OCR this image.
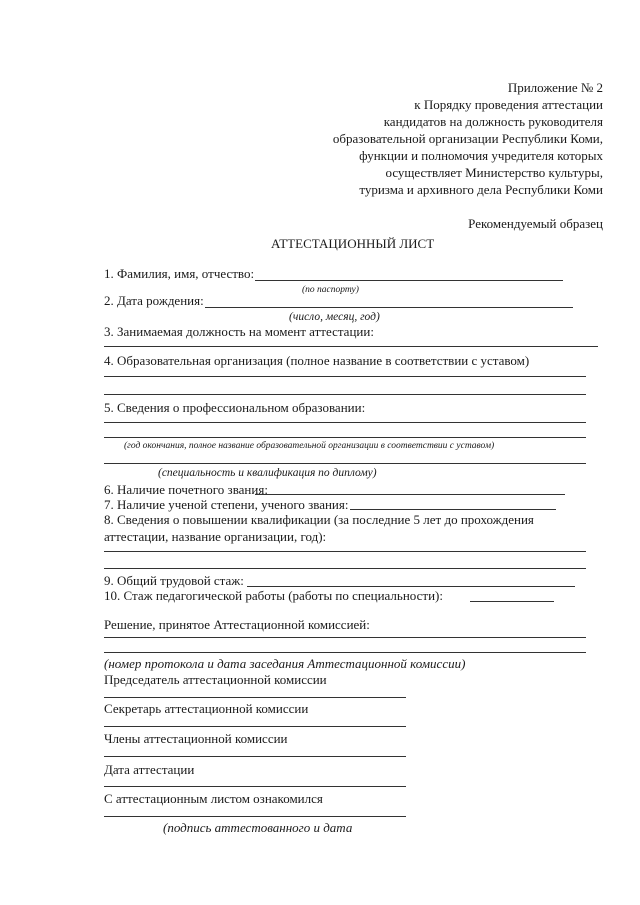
Приложение № 2
к Порядку проведения аттестации
кандидатов на должность руководителя
образовательной организации Республики Коми,
функции и полномочия учредителя которых
осуществляет Министерство культуры,
туризма и архивного дела Республики Коми
Рекомендуемый образец
АТТЕСТАЦИОННЫЙ ЛИСТ
1. Фамилия, имя, отчество:
(по паспорту)
2. Дата рождения:
(число, месяц, год)
3. Занимаемая должность на момент аттестации:
4. Образовательная организация (полное название в соответствии с уставом)
5. Сведения о профессиональном образовании:
(год окончания, полное название образовательной организации в соответствии с уставом)
(специальность и квалификация по диплому)
6. Наличие почетного звания:
7. Наличие ученой степени, ученого звания:
8. Сведения о повышении квалификации (за последние 5 лет до прохождения
аттестации, название организации, год):
9. Общий трудовой стаж:
10. Стаж педагогической работы (работы по специальности):
Решение, принятое Аттестационной комиссией:
(номер протокола и дата заседания Аттестационной комиссии)
Председатель аттестационной комиссии
Секретарь аттестационной комиссии
Члены аттестационной комиссии
Дата аттестации
С аттестационным листом ознакомился
(подпись аттестованного и дата
